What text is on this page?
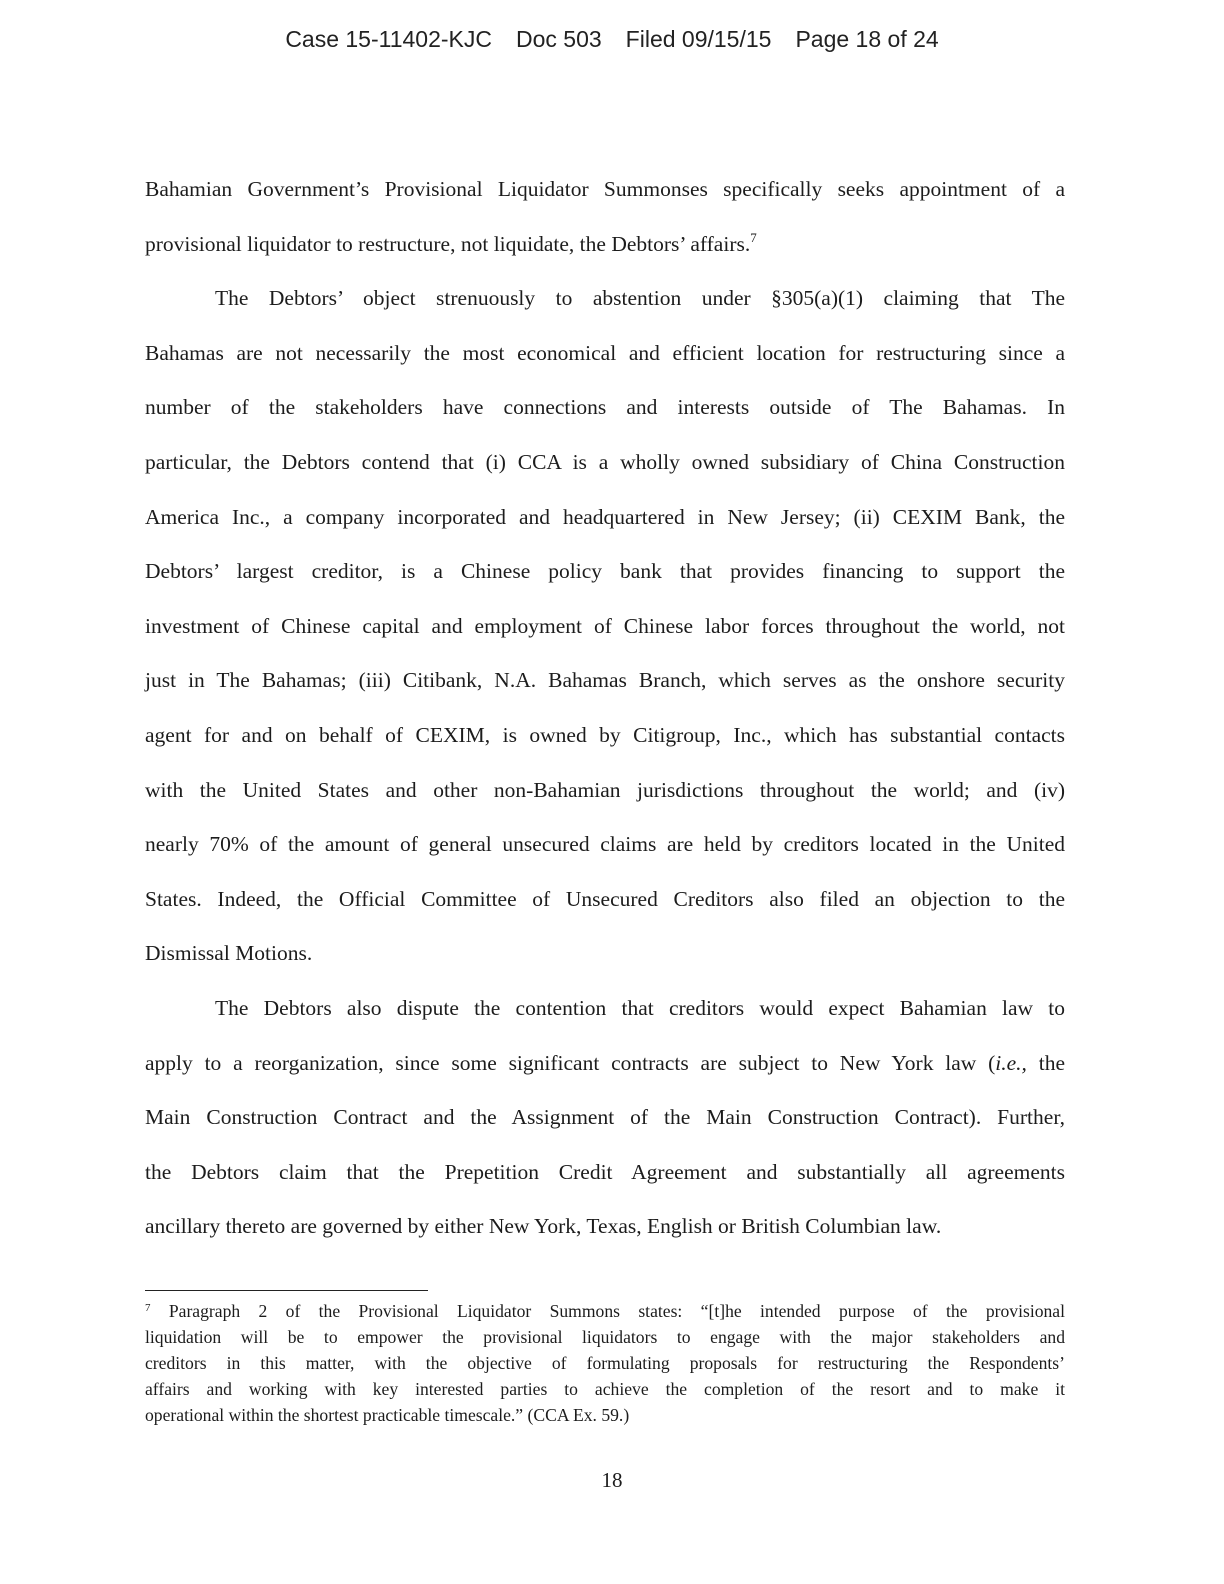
Case 15-11402-KJC Doc 503 Filed 09/15/15 Page 18 of 24
Bahamian Government’s Provisional Liquidator Summonses specifically seeks appointment of a
provisional liquidator to restructure, not liquidate, the Debtors’ affairs.$^7$
The Debtors’ object strenuously to abstention under §305(a)(1) claiming that The
Bahamas are not necessarily the most economical and efficient location for restructuring since a
number of the stakeholders have connections and interests outside of The Bahamas. In
particular, the Debtors contend that (i) CCA is a wholly owned subsidiary of China Construction
America Inc., a company incorporated and headquartered in New Jersey; (ii) CEXIM Bank, the
Debtors’ largest creditor, is a Chinese policy bank that provides financing to support the
investment of Chinese capital and employment of Chinese labor forces throughout the world, not
just in The Bahamas; (iii) Citibank, N.A. Bahamas Branch, which serves as the onshore security
agent for and on behalf of CEXIM, is owned by Citigroup, Inc., which has substantial contacts
with the United States and other non-Bahamian jurisdictions throughout the world; and (iv)
nearly 70% of the amount of general unsecured claims are held by creditors located in the United
States. Indeed, the Official Committee of Unsecured Creditors also filed an objection to the
Dismissal Motions.
The Debtors also dispute the contention that creditors would expect Bahamian law to
apply to a reorganization, since some significant contracts are subject to New York law (i.e., the
Main Construction Contract and the Assignment of the Main Construction Contract). Further,
the Debtors claim that the Prepetition Credit Agreement and substantially all agreements
ancillary thereto are governed by either New York, Texas, English or British Columbian law.
$^7$ Paragraph 2 of the Provisional Liquidator Summons states: “[t]he intended purpose of the provisional
liquidation will be to empower the provisional liquidators to engage with the major stakeholders and
creditors in this matter, with the objective of formulating proposals for restructuring the Respondents’
affairs and working with key interested parties to achieve the completion of the resort and to make it
operational within the shortest practicable timescale.” (CCA Ex. 59.)
18
